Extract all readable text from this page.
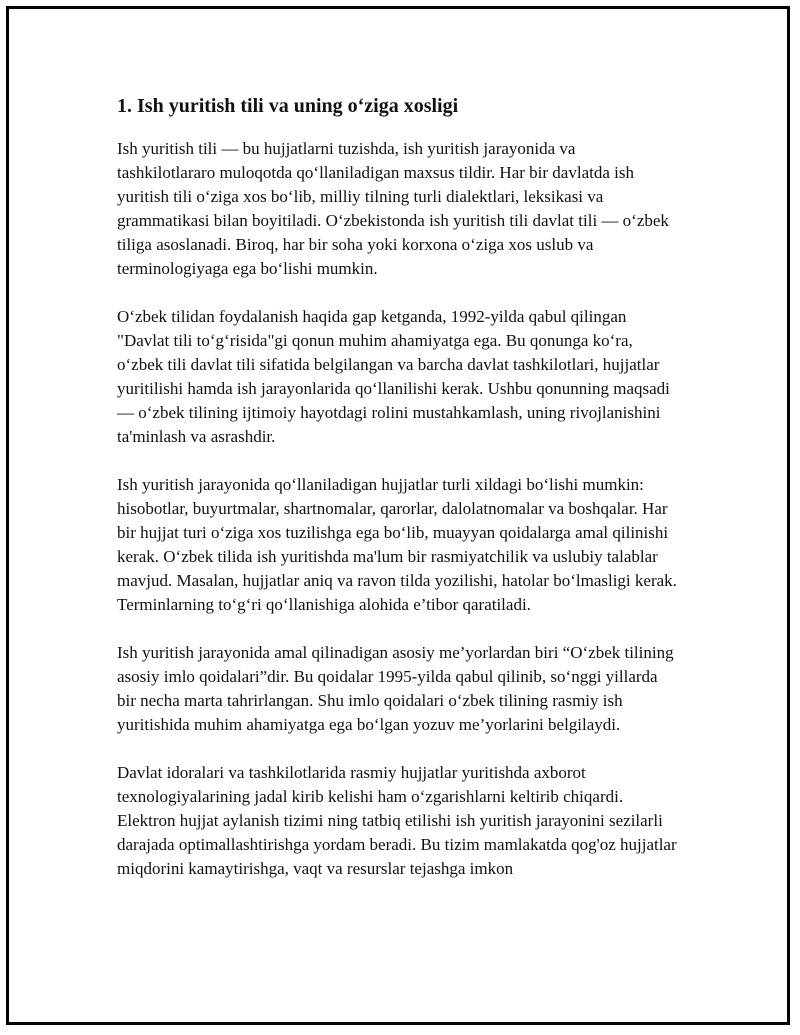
1. Ish yuritish tili va uning o‘ziga xosligi

Ish yuritish tili — bu hujjatlarni tuzishda, ish yuritish jarayonida va tashkilotlararo muloqotda qo‘llaniladigan maxsus tildir. Har bir davlatda ish yuritish tili o‘ziga xos bo‘lib, milliy tilning turli dialektlari, leksikasi va grammatikasi bilan boyitiladi. O‘zbekistonda ish yuritish tili davlat tili — o‘zbek tiliga asoslanadi. Biroq, har bir soha yoki korxona o‘ziga xos uslub va terminologiyaga ega bo‘lishi mumkin.

O‘zbek tilidan foydalanish haqida gap ketganda, 1992-yilda qabul qilingan "Davlat tili to‘g‘risida"gi qonun muhim ahamiyatga ega. Bu qonunga ko‘ra, o‘zbek tili davlat tili sifatida belgilangan va barcha davlat tashkilotlari, hujjatlar yuritilishi hamda ish jarayonlarida qo‘llanilishi kerak. Ushbu qonunning maqsadi — o‘zbek tilining ijtimoiy hayotdagi rolini mustahkamlash, uning rivojlanishini ta'minlash va asrashdir.

Ish yuritish jarayonida qo‘llaniladigan hujjatlar turli xildagi bo‘lishi mumkin: hisobotlar, buyurtmalar, shartnomalar, qarorlar, dalolatnomalar va boshqalar. Har bir hujjat turi o‘ziga xos tuzilishga ega bo‘lib, muayyan qoidalarga amal qilinishi kerak. O‘zbek tilida ish yuritishda ma'lum bir rasmiyatchilik va uslubiy talablar mavjud. Masalan, hujjatlar aniq va ravon tilda yozilishi, hatolar bo‘lmasligi kerak. Terminlarning to‘g‘ri qo‘llanishiga alohida e’tibor qaratiladi.

Ish yuritish jarayonida amal qilinadigan asosiy me’yorlardan biri “O‘zbek tilining asosiy imlo qoidalari”dir. Bu qoidalar 1995-yilda qabul qilinib, so‘nggi yillarda bir necha marta tahrirlangan. Shu imlo qoidalari o‘zbek tilining rasmiy ish yuritishida muhim ahamiyatga ega bo‘lgan yozuv me’yorlarini belgilaydi.

Davlat idoralari va tashkilotlarida rasmiy hujjatlar yuritishda axborot texnologiyalarining jadal kirib kelishi ham o‘zgarishlarni keltirib chiqardi. Elektron hujjat aylanish tizimi ning tatbiq etilishi ish yuritish jarayonini sezilarli darajada optimallashtirishga yordam beradi. Bu tizim mamlakatda qog'oz hujjatlar miqdorini kamaytirishga, vaqt va resurslar tejashga imkon
